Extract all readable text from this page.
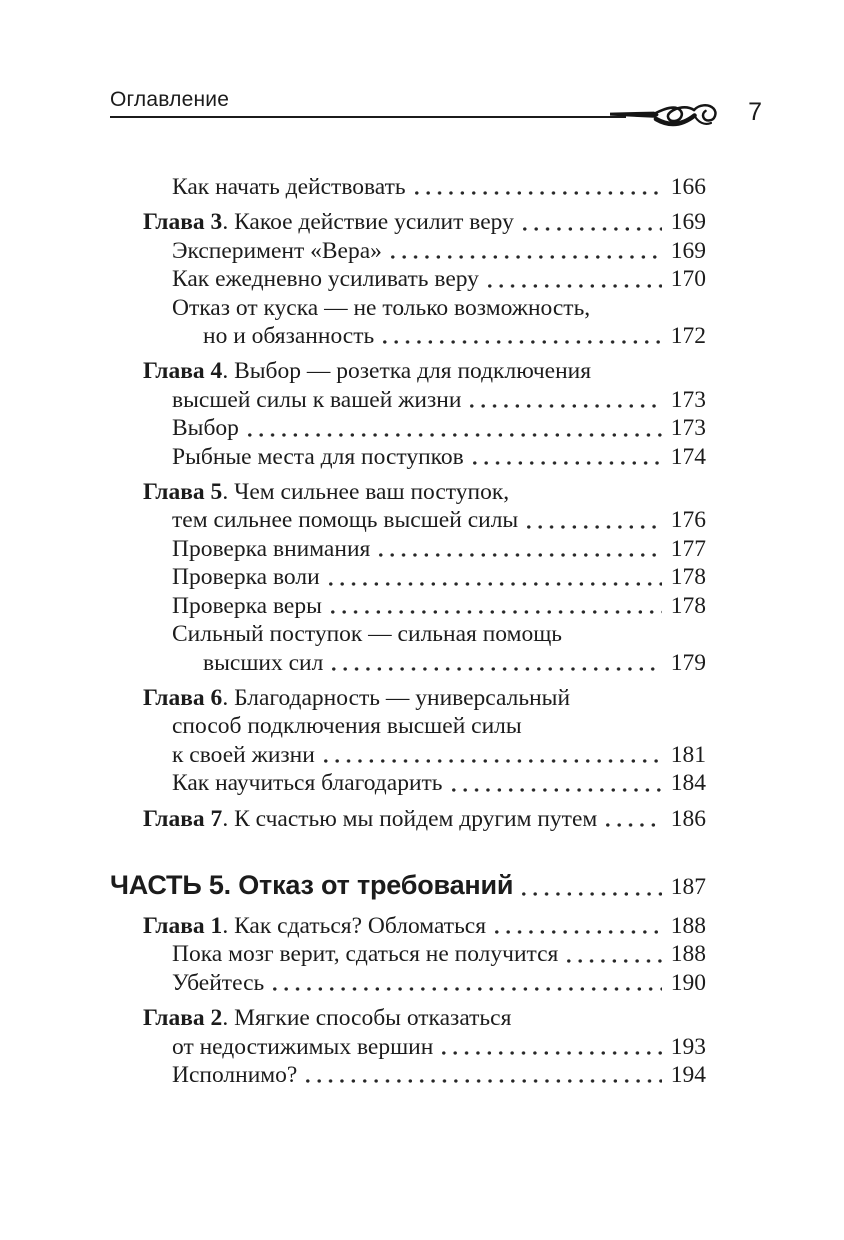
Оглавление	7
Как начать действовать	166
Глава 3. Какое действие усилит веру	169
Эксперимент «Вера»	169
Как ежедневно усиливать веру	170
Отказ от куска — не только возможность,
но и обязанность	172
Глава 4. Выбор — розетка для подключения
высшей силы к вашей жизни	173
Выбор	173
Рыбные места для поступков	174
Глава 5. Чем сильнее ваш поступок,
тем сильнее помощь высшей силы	176
Проверка внимания	177
Проверка воли	178
Проверка веры	178
Сильный поступок — сильная помощь
высших сил	179
Глава 6. Благодарность — универсальный
способ подключения высшей силы
к своей жизни	181
Как научиться благодарить	184
Глава 7. К счастью мы пойдем другим путем	186
ЧАСТЬ 5. Отказ от требований	187
Глава 1. Как сдаться? Обломаться	188
Пока мозг верит, сдаться не получится	188
Убейтесь	190
Глава 2. Мягкие способы отказаться
от недостижимых вершин	193
Исполнимо?	194
